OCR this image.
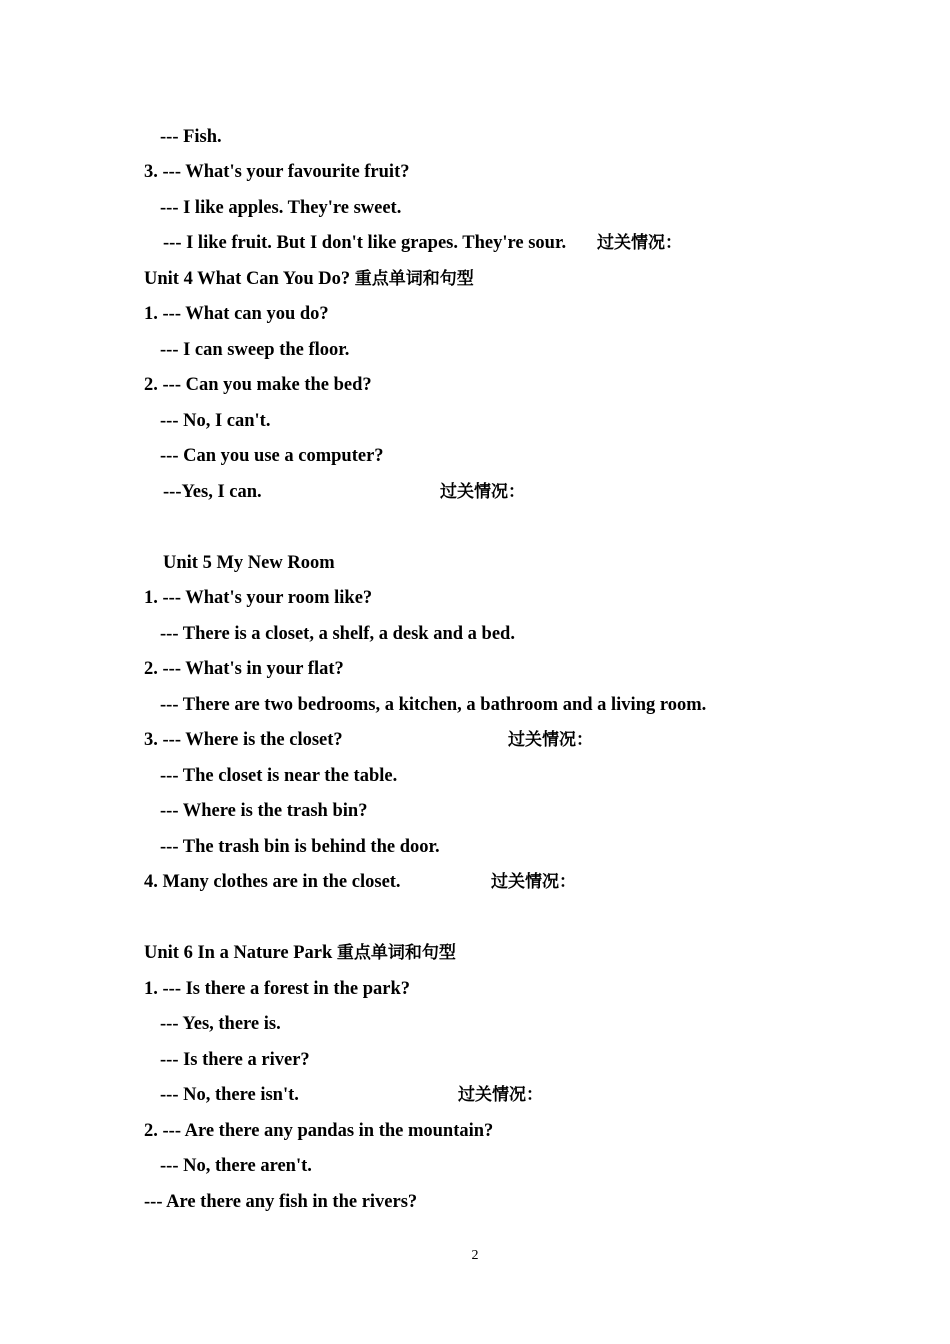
--- Fish.
3. --- What's your favourite fruit?
--- I like apples. They're sweet.
--- I like fruit. But I don't like grapes. They're sour. 过关情况：
Unit 4 What Can You Do? 重点单词和句型
1. --- What can you do?
--- I can sweep the floor.
2. --- Can you make the bed?
--- No, I can't.
--- Can you use a computer?
---Yes, I can.	过关情况：
Unit 5 My New Room
1. --- What's your room like?
--- There is a closet, a shelf, a desk and a bed.
2. --- What's in your flat?
--- There are two bedrooms, a kitchen, a bathroom and a living room.
3. --- Where is the closet?	过关情况：
--- The closet is near the table.
--- Where is the trash bin?
--- The trash bin is behind the door.
4. Many clothes are in the closet.	过关情况：
Unit 6 In a Nature Park 重点单词和句型
1. --- Is there a forest in the park?
--- Yes, there is.
--- Is there a river?
--- No, there isn't.	过关情况：
2. --- Are there any pandas in the mountain?
--- No, there aren't.
--- Are there any fish in the rivers?
2
